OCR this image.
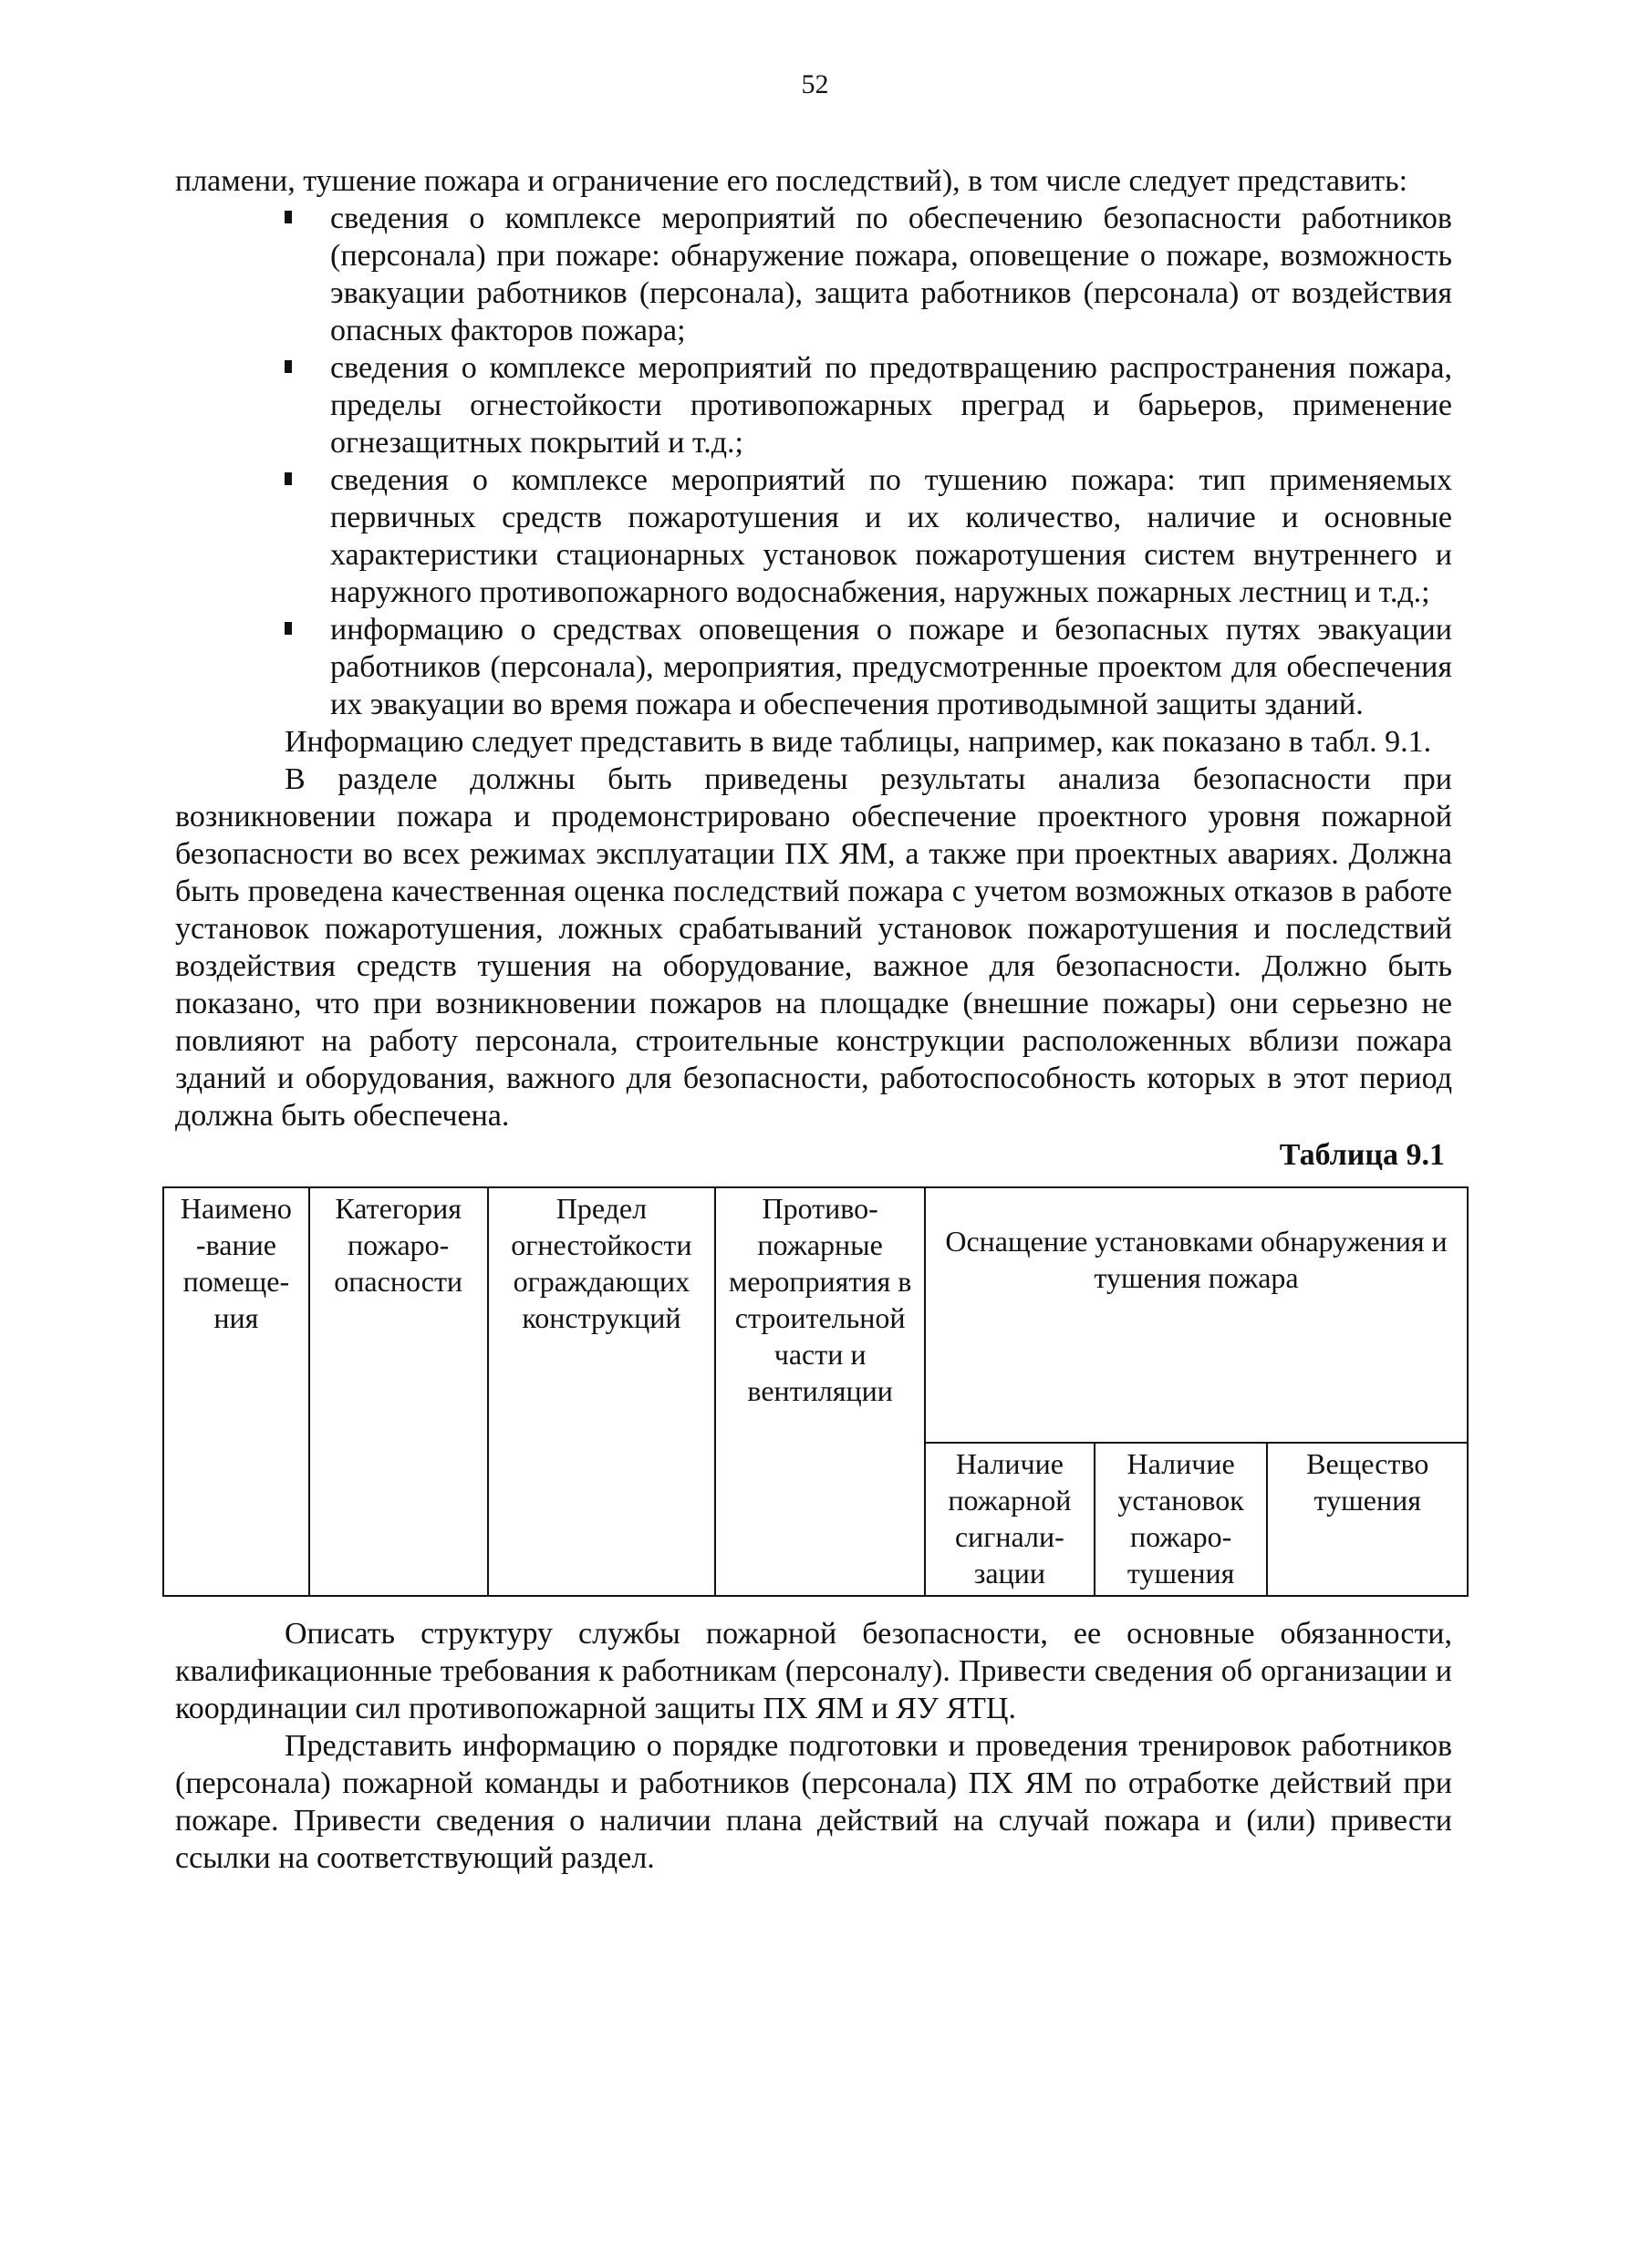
52

пламени, тушение пожара и ограничение его последствий), в том числе следует представить:

сведения о комплексе мероприятий по обеспечению безопасности работников (персонала) при пожаре: обнаружение пожара, оповещение о пожаре, возможность эвакуации работников (персонала), защита работников (персонала) от воздействия опасных факторов пожара;
сведения о комплексе мероприятий по предотвращению распространения пожара, пределы огнестойкости противопожарных преград и барьеров, применение огнезащитных покрытий и т.д.;
сведения о комплексе мероприятий по тушению пожара: тип применяемых первичных средств пожаротушения и их количество, наличие и основные характеристики стационарных установок пожаротушения систем внутреннего и наружного противопожарного водоснабжения, наружных пожарных лестниц и т.д.;
информацию о средствах оповещения о пожаре и безопасных путях эвакуации работников (персонала), мероприятия, предусмотренные проектом для обеспечения их эвакуации во время пожара и обеспечения противодымной защиты зданий.

Информацию следует представить в виде таблицы, например, как показано в табл. 9.1.

В разделе должны быть приведены результаты анализа безопасности при возникновении пожара и продемонстрировано обеспечение проектного уровня пожарной безопасности во всех режимах эксплуатации ПХ ЯМ, а также при проектных авариях. Должна быть проведена качественная оценка последствий пожара с учетом возможных отказов в работе установок пожаротушения, ложных срабатываний установок пожаротушения и последствий воздействия средств тушения на оборудование, важное для безопасности. Должно быть показано, что при возникновении пожаров на площадке (внешние пожары) они серьезно не повлияют на работу персонала, строительные конструкции расположенных вблизи пожара зданий и оборудования, важного для безопасности, работоспособность которых в этот период должна быть обеспечена.

Таблица 9.1
Наимено -вание помеще- ния	Категория пожаро- опасности	Предел огнестойкости ограждающих конструкций	Противо- пожарные мероприятия в строительной части и вентиляции	Оснащение установками обнаружения и тушения пожара		
				Наличие пожарной сигнали- зации	Наличие установок пожаро- тушения	Вещество тушения

Описать структуру службы пожарной безопасности, ее основные обязанности, квалификационные требования к работникам (персоналу). Привести сведения об организации и координации сил противопожарной защиты ПХ ЯМ и ЯУ ЯТЦ.

Представить информацию о порядке подготовки и проведения тренировок работников (персонала) пожарной команды и работников (персонала) ПХ ЯМ по отработке действий при пожаре. Привести сведения о наличии плана действий на случай пожара и (или) привести ссылки на соответствующий раздел.
